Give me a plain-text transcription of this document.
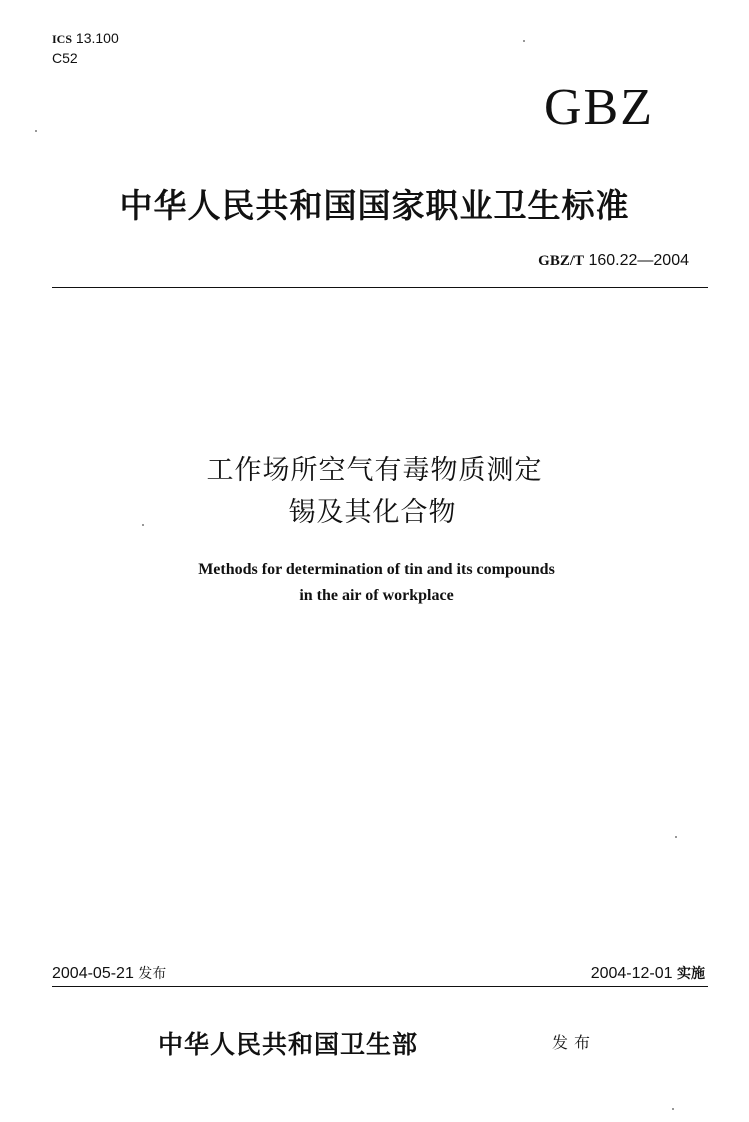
ICS 13.100
C52
GBZ
中华人民共和国国家职业卫生标准
GBZ/T 160.22—2004
工作场所空气有毒物质测定
锡及其化合物
Methods for determination of tin and its compounds
in the air of workplace
2004-05-21 发布	2004-12-01 实施
中华人民共和国卫生部	发布
